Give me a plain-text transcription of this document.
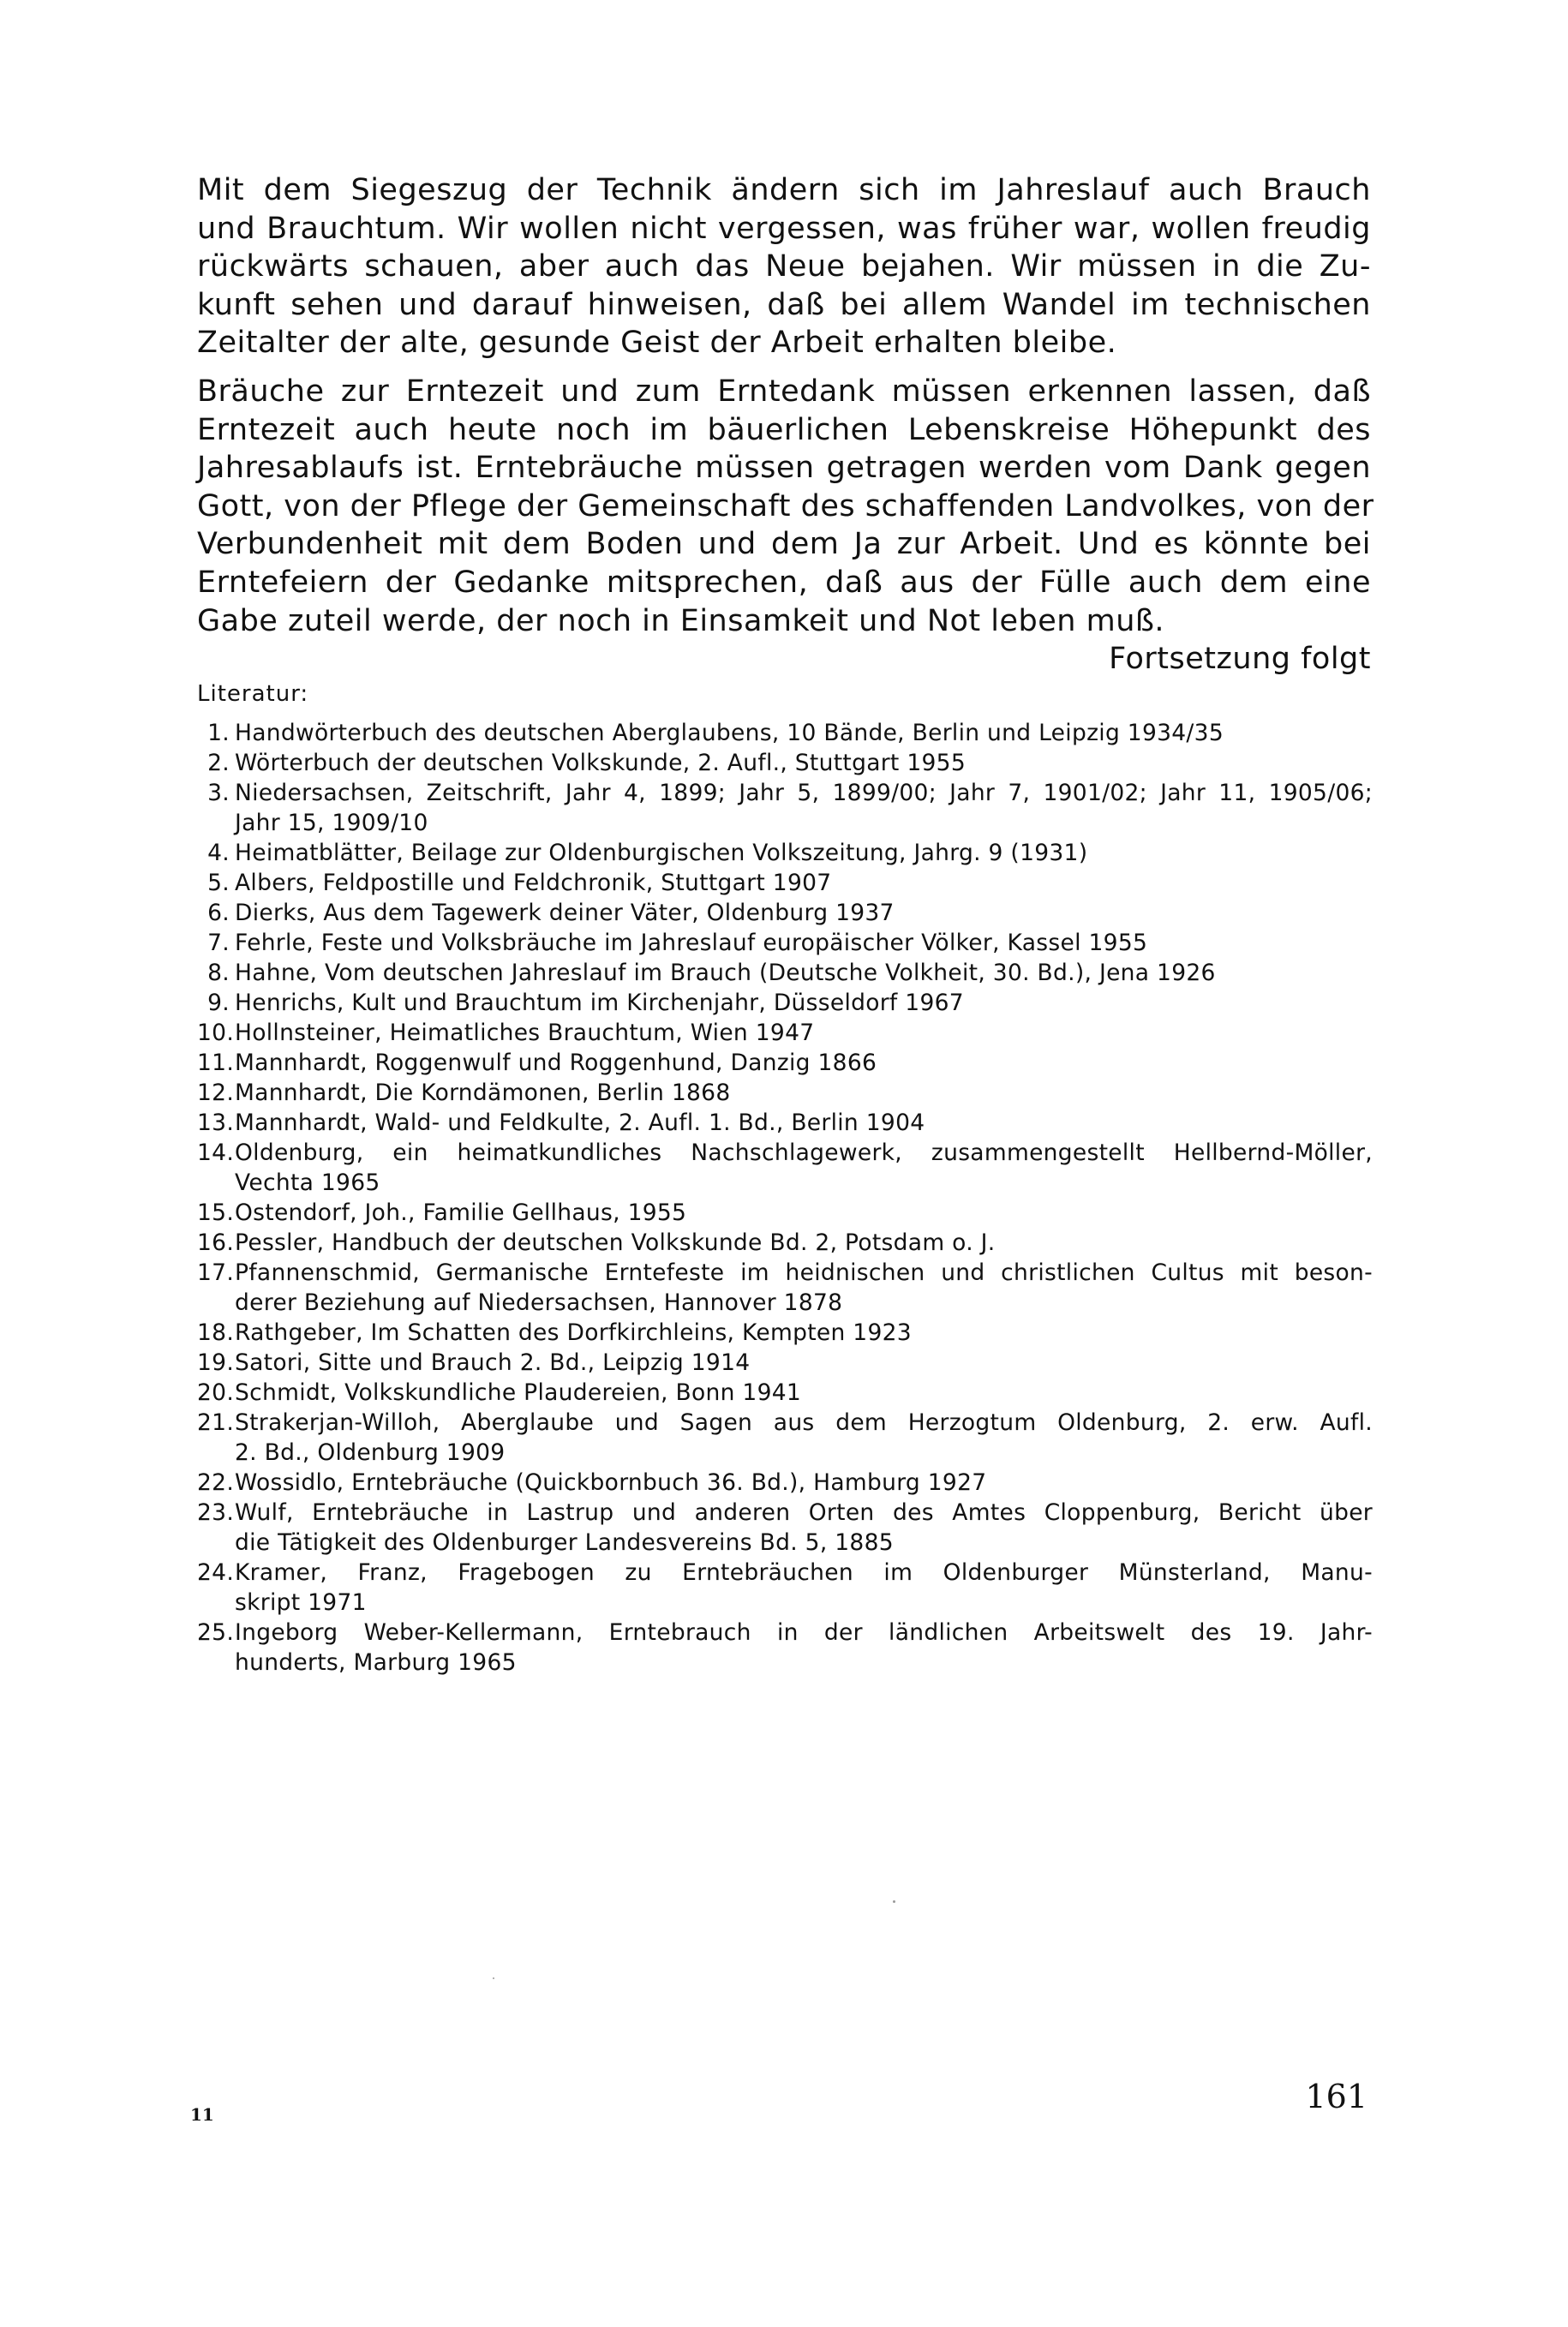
Mit dem Siegeszug der Technik ändern sich im Jahreslauf auch Brauch
und Brauchtum. Wir wollen nicht vergessen, was früher war, wollen freudig
rückwärts schauen, aber auch das Neue bejahen. Wir müssen in die Zu-
kunft sehen und darauf hinweisen, daß bei allem Wandel im technischen
Zeitalter der alte, gesunde Geist der Arbeit erhalten bleibe.
Bräuche zur Erntezeit und zum Erntedank müssen erkennen lassen, daß
Erntezeit auch heute noch im bäuerlichen Lebenskreise Höhepunkt des
Jahresablaufs ist. Erntebräuche müssen getragen werden vom Dank gegen
Gott, von der Pflege der Gemeinschaft des schaffenden Landvolkes, von der
Verbundenheit mit dem Boden und dem Ja zur Arbeit. Und es könnte bei
Erntefeiern der Gedanke mitsprechen, daß aus der Fülle auch dem eine
Gabe zuteil werde, der noch in Einsamkeit und Not leben muß.
Fortsetzung folgt
Literatur:
1. Handwörterbuch des deutschen Aberglaubens, 10 Bände, Berlin und Leipzig 1934/35
2. Wörterbuch der deutschen Volkskunde, 2. Aufl., Stuttgart 1955
3. Niedersachsen, Zeitschrift, Jahr 4, 1899; Jahr 5, 1899/00; Jahr 7, 1901/02; Jahr 11, 1905/06;
Jahr 15, 1909/10
4. Heimatblätter, Beilage zur Oldenburgischen Volkszeitung, Jahrg. 9 (1931)
5. Albers, Feldpostille und Feldchronik, Stuttgart 1907
6. Dierks, Aus dem Tagewerk deiner Väter, Oldenburg 1937
7. Fehrle, Feste und Volksbräuche im Jahreslauf europäischer Völker, Kassel 1955
8. Hahne, Vom deutschen Jahreslauf im Brauch (Deutsche Volkheit, 30. Bd.), Jena 1926
9. Henrichs, Kult und Brauchtum im Kirchenjahr, Düsseldorf 1967
10. Hollnsteiner, Heimatliches Brauchtum, Wien 1947
11. Mannhardt, Roggenwulf und Roggenhund, Danzig 1866
12. Mannhardt, Die Korndämonen, Berlin 1868
13. Mannhardt, Wald- und Feldkulte, 2. Aufl. 1. Bd., Berlin 1904
14. Oldenburg, ein heimatkundliches Nachschlagewerk, zusammengestellt Hellbernd-Möller,
Vechta 1965
15. Ostendorf, Joh., Familie Gellhaus, 1955
16. Pessler, Handbuch der deutschen Volkskunde Bd. 2, Potsdam o. J.
17. Pfannenschmid, Germanische Erntefeste im heidnischen und christlichen Cultus mit beson-
derer Beziehung auf Niedersachsen, Hannover 1878
18. Rathgeber, Im Schatten des Dorfkirchleins, Kempten 1923
19. Satori, Sitte und Brauch 2. Bd., Leipzig 1914
20. Schmidt, Volkskundliche Plaudereien, Bonn 1941
21. Strakerjan-Willoh, Aberglaube und Sagen aus dem Herzogtum Oldenburg, 2. erw. Aufl.
2. Bd., Oldenburg 1909
22. Wossidlo, Erntebräuche (Quickbornbuch 36. Bd.), Hamburg 1927
23. Wulf, Erntebräuche in Lastrup und anderen Orten des Amtes Cloppenburg, Bericht über
die Tätigkeit des Oldenburger Landesvereins Bd. 5, 1885
24. Kramer, Franz, Fragebogen zu Erntebräuchen im Oldenburger Münsterland, Manu-
skript 1971
25. Ingeborg Weber-Kellermann, Erntebrauch in der ländlichen Arbeitswelt des 19. Jahr-
hunderts, Marburg 1965
11	161
